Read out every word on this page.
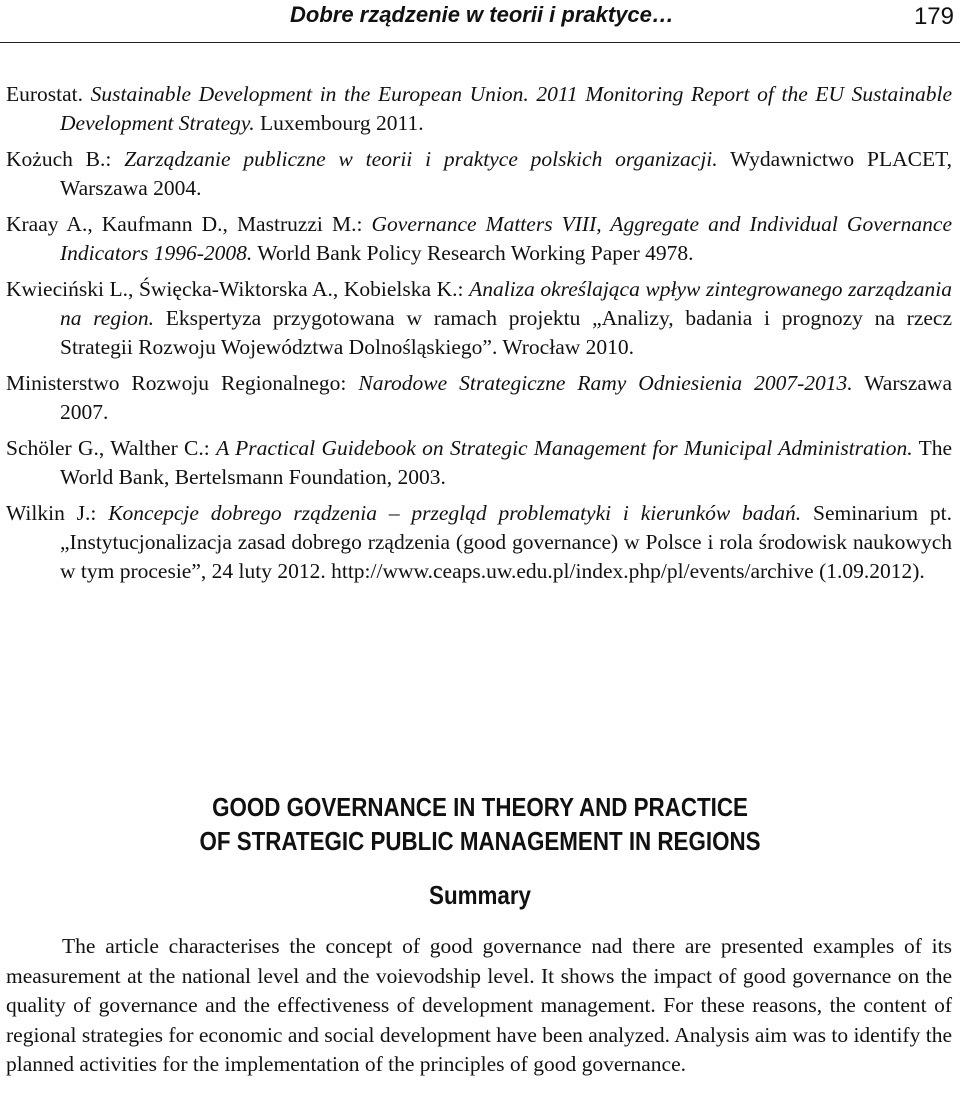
Dobre rządzenie w teorii i praktyce…	179
Eurostat. Sustainable Development in the European Union. 2011 Monitoring Report of the EU Sustainable Development Strategy. Luxembourg 2011.
Kożuch B.: Zarządzanie publiczne w teorii i praktyce polskich organizacji. Wydawnictwo PLACET, Warszawa 2004.
Kraay A., Kaufmann D., Mastruzzi M.: Governance Matters VIII, Aggregate and Individual Governance Indicators 1996-2008. World Bank Policy Research Working Paper 4978.
Kwieciński L., Święcka-Wiktorska A., Kobielska K.: Analiza określająca wpływ zintegrowanego zarządzania na region. Ekspertyza przygotowana w ramach projektu „Analizy, badania i prognozy na rzecz Strategii Rozwoju Województwa Dolnośląskiego”. Wrocław 2010.
Ministerstwo Rozwoju Regionalnego: Narodowe Strategiczne Ramy Odniesienia 2007-2013. Warszawa 2007.
Schöler G., Walther C.: A Practical Guidebook on Strategic Management for Municipal Administration. The World Bank, Bertelsmann Foundation, 2003.
Wilkin J.: Koncepcje dobrego rządzenia – przegląd problematyki i kierunków badań. Seminarium pt. „Instytucjonalizacja zasad dobrego rządzenia (good governance) w Polsce i rola środowisk naukowych w tym procesie”, 24 luty 2012. http://www.ceaps.uw.edu.pl/index.php/pl/events/archive (1.09.2012).
GOOD GOVERNANCE IN THEORY AND PRACTICE
OF STRATEGIC PUBLIC MANAGEMENT IN REGIONS
Summary
The article characterises the concept of good governance nad there are presented examples of its measurement at the national level and the voievodship level. It shows the impact of good governance on the quality of governance and the effectiveness of development management. For these reasons, the content of regional strategies for economic and social development have been analyzed. Analysis aim was to identify the planned activities for the implementation of the principles of good governance.
